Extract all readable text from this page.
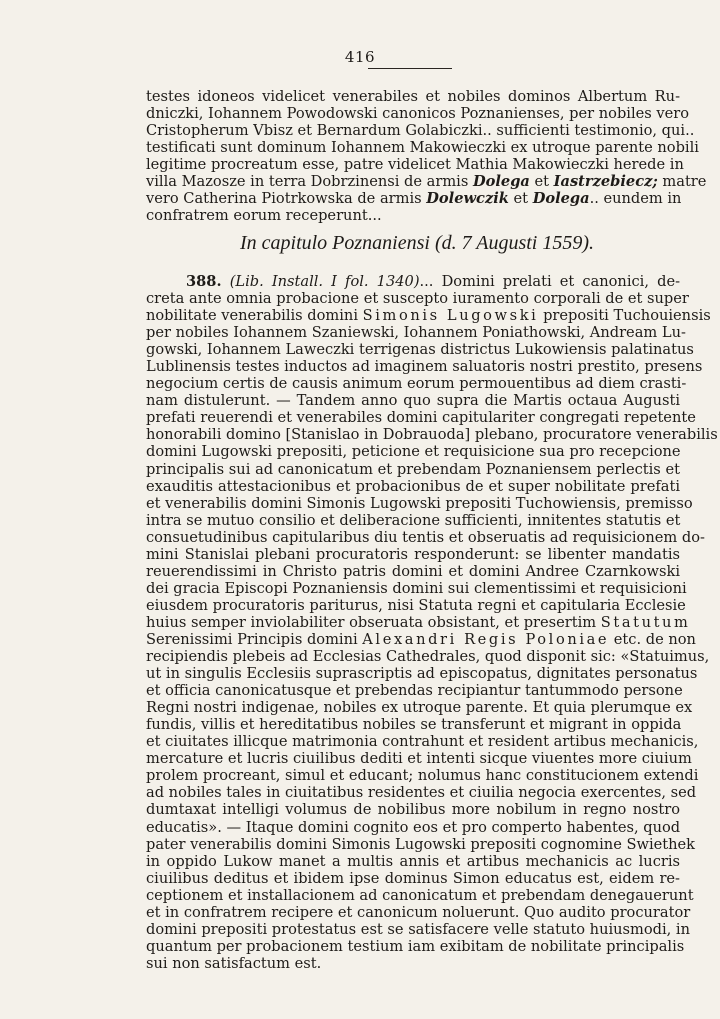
416
testes idoneos videlicet venerabiles et nobiles dominos Albertum Ru-
dniczki, Iohannem Powodowski canonicos Poznanienses, per nobiles vero
Cristopherum Vbisz et Bernardum Golabiczki.. sufficienti testimonio, qui..
testificati sunt dominum Iohannem Makowieczki ex utroque parente nobili
legitime procreatum esse, patre videlicet Mathia Makowieczki herede in
villa Mazosze in terra Dobrzinensi de armis Dolega et Iastrzebiecz; matre
vero Catherina Piotrkowska de armis Dolewczik et Dolega.. eundem in
confratrem eorum receperunt...
In capitulo Poznaniensi (d. 7 Augusti 1559).
388. (Lib. Install. I fol. 1340)... Domini prelati et canonici, de-
creta ante omnia probacione et suscepto iuramento corporali de et super
nobilitate venerabilis domini Simonis Lugowski prepositi Tuchouiensis
per nobiles Iohannem Szaniewski, Iohannem Poniathowski, Andream Lu-
gowski, Iohannem Laweczki terrigenas districtus Lukowiensis palatinatus
Lublinensis testes inductos ad imaginem saluatoris nostri prestito, presens
negocium certis de causis animum eorum permouentibus ad diem crasti-
nam distulerunt. — Tandem anno quo supra die Martis octaua Augusti
prefati reuerendi et venerabiles domini capitulariter congregati repetente
honorabili domino [Stanislao in Dobrauoda] plebano, procuratore venerabilis
domini Lugowski prepositi, peticione et requisicione sua pro recepcione
principalis sui ad canonicatum et prebendam Poznaniensem perlectis et
exauditis attestacionibus et probacionibus de et super nobilitate prefati
et venerabilis domini Simonis Lugowski prepositi Tuchowiensis, premisso
intra se mutuo consilio et deliberacione sufficienti, innitentes statutis et
consuetudinibus capitularibus diu tentis et obseruatis ad requisicionem do-
mini Stanislai plebani procuratoris responderunt: se libenter mandatis
reuerendissimi in Christo patris domini et domini Andree Czarnkowski
dei gracia Episcopi Poznaniensis domini sui clementissimi et requisicioni
eiusdem procuratoris pariturus, nisi Statuta regni et capitularia Ecclesie
huius semper inviolabiliter obseruata obsistant, et presertim Statutum
Serenissimi Principis domini Alexandri Regis Poloniae etc. de non
recipiendis plebeis ad Ecclesias Cathedrales, quod disponit sic: «Statuimus,
ut in singulis Ecclesiis suprascriptis ad episcopatus, dignitates personatus
et officia canonicatusque et prebendas recipiantur tantummodo persone
Regni nostri indigenae, nobiles ex utroque parente. Et quia plerumque ex
fundis, villis et hereditatibus nobiles se transferunt et migrant in oppida
et ciuitates illicque matrimonia contrahunt et resident artibus mechanicis,
mercature et lucris ciuilibus dediti et intenti sicque viuentes more ciuium
prolem procreant, simul et educant; nolumus hanc constitucionem extendi
ad nobiles tales in ciuitatibus residentes et ciuilia negocia exercentes, sed
dumtaxat intelligi volumus de nobilibus more nobilum in regno nostro
educatis». — Itaque domini cognito eos et pro comperto habentes, quod
pater venerabilis domini Simonis Lugowski prepositi cognomine Swiethek
in oppido Lukow manet a multis annis et artibus mechanicis ac lucris
ciuilibus deditus et ibidem ipse dominus Simon educatus est, eidem re-
ceptionem et installacionem ad canonicatum et prebendam denegauerunt
et in confratrem recipere et canonicum noluerunt. Quo audito procurator
domini prepositi protestatus est se satisfacere velle statuto huiusmodi, in
quantum per probacionem testium iam exibitam de nobilitate principalis
sui non satisfactum est.
